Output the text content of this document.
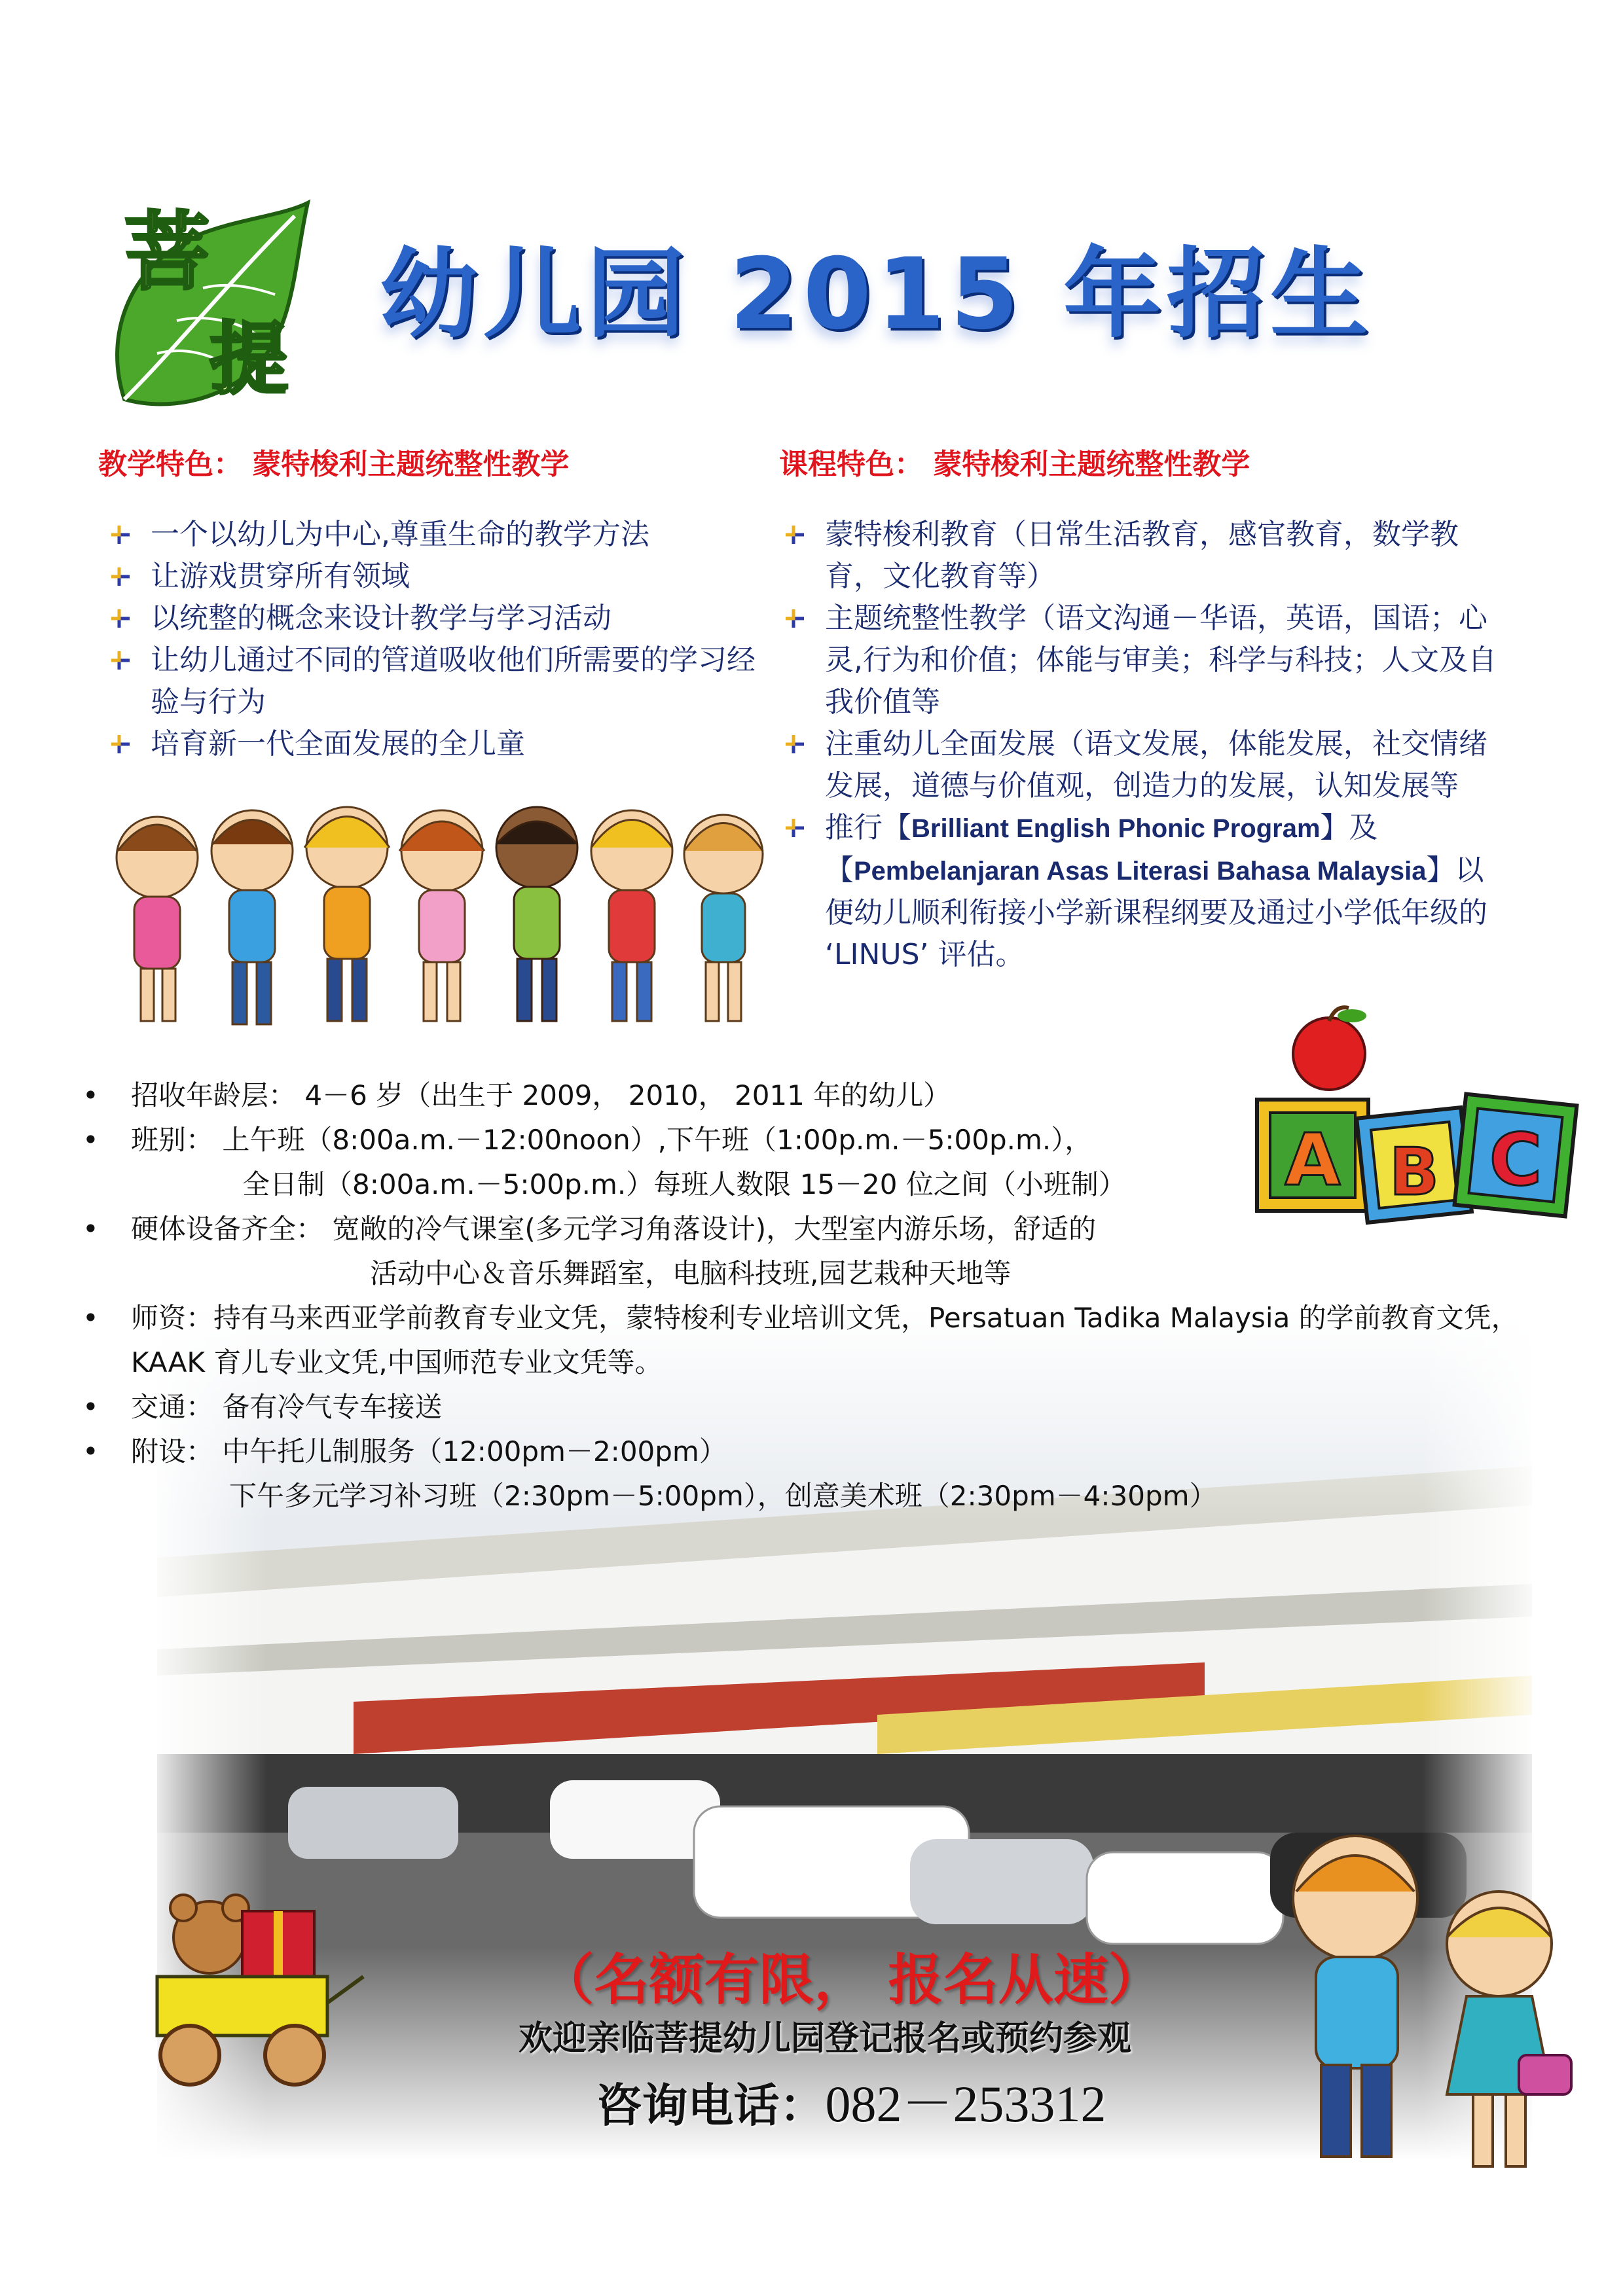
菩
提
幼儿园 2015 年招生
教学特色： 蒙特梭利主题统整性教学
一个以幼儿为中心,尊重生命的教学方法
让游戏贯穿所有领域
以统整的概念来设计教学与学习活动
让幼儿通过不同的管道吸收他们所需要的学习经验与行为
培育新一代全面发展的全儿童
课程特色： 蒙特梭利主题统整性教学
蒙特梭利教育（日常生活教育，感官教育，数学教育，文化教育等）
主题统整性教学（语文沟通－华语，英语，国语；心灵,行为和价值；体能与审美；科学与科技；人文及自我价值等
注重幼儿全面发展（语文发展，体能发展，社交情绪发展，道德与价值观，创造力的发展，认知发展等
推行【Brilliant English Phonic Program】及【Pembelanjaran Asas Literasi Bahasa Malaysia】以便幼儿顺利衔接小学新课程纲要及通过小学低年级的 ‘LINUS’ 评估。
A B C
• 招收年龄层： 4－6 岁（出生于 2009， 2010， 2011 年的幼儿）
• 班别： 上午班（8:00a.m.－12:00noon）,下午班（1:00p.m.－5:00p.m.），
全日制（8:00a.m.－5:00p.m.）每班人数限 15－20 位之间（小班制）
• 硬体设备齐全： 宽敞的冷气课室(多元学习角落设计)，大型室内游乐场，舒适的
活动中心＆音乐舞蹈室，电脑科技班,园艺栽种天地等
• 师资：持有马来西亚学前教育专业文凭，蒙特梭利专业培训文凭，Persatuan Tadika Malaysia 的学前教育文凭，KAAK 育儿专业文凭,中国师范专业文凭等。
• 交通： 备有冷气专车接送
• 附设： 中午托儿制服务（12:00pm－2:00pm）
下午多元学习补习班（2:30pm－5:00pm），创意美术班（2:30pm－4:30pm）
（名额有限， 报名从速）
欢迎亲临菩提幼儿园登记报名或预约参观
咨询电话：082－253312
